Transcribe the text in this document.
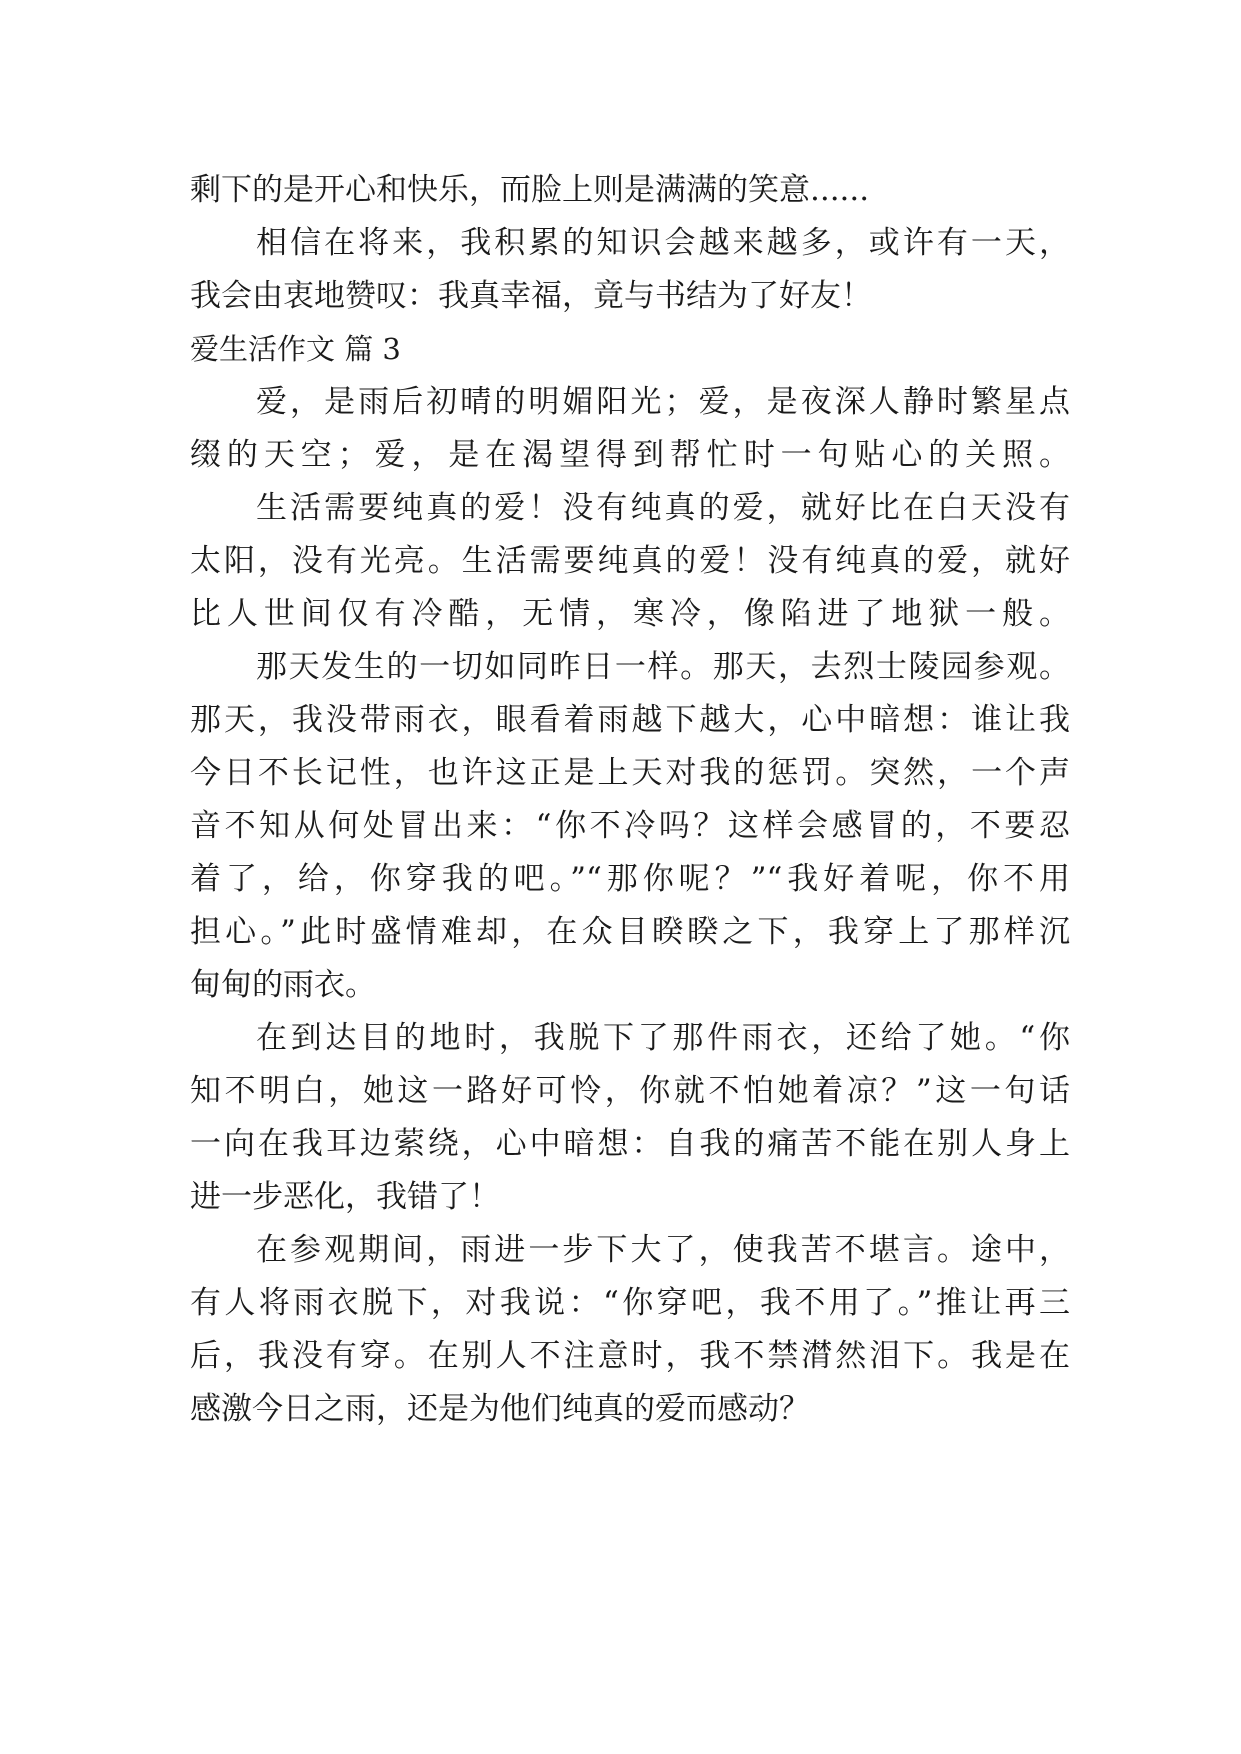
剩下的是开心和快乐，而脸上则是满满的笑意......
相信在将来，我积累的知识会越来越多，或许有一天，
我会由衷地赞叹：我真幸福，竟与书结为了好友！
爱生活作文 篇 3
爱，是雨后初晴的明媚阳光；爱，是夜深人静时繁星点
缀的天空；爱，是在渴望得到帮忙时一句贴心的关照。
生活需要纯真的爱！没有纯真的爱，就好比在白天没有
太阳，没有光亮。生活需要纯真的爱！没有纯真的爱，就好
比人世间仅有冷酷，无情，寒冷，像陷进了地狱一般。
那天发生的一切如同昨日一样。那天，去烈士陵园参观。
那天，我没带雨衣，眼看着雨越下越大，心中暗想：谁让我
今日不长记性，也许这正是上天对我的惩罚。突然，一个声
音不知从何处冒出来：“你不冷吗？这样会感冒的，不要忍
着了，给，你穿我的吧。”“那你呢？”“我好着呢，你不用
担心。”此时盛情难却，在众目睽睽之下，我穿上了那样沉
甸甸的雨衣。
在到达目的地时，我脱下了那件雨衣，还给了她。“你
知不明白，她这一路好可怜，你就不怕她着凉？”这一句话
一向在我耳边萦绕，心中暗想：自我的痛苦不能在别人身上
进一步恶化，我错了！
在参观期间，雨进一步下大了，使我苦不堪言。途中，
有人将雨衣脱下，对我说：“你穿吧，我不用了。”推让再三
后，我没有穿。在别人不注意时，我不禁潸然泪下。我是在
感激今日之雨，还是为他们纯真的爱而感动？
